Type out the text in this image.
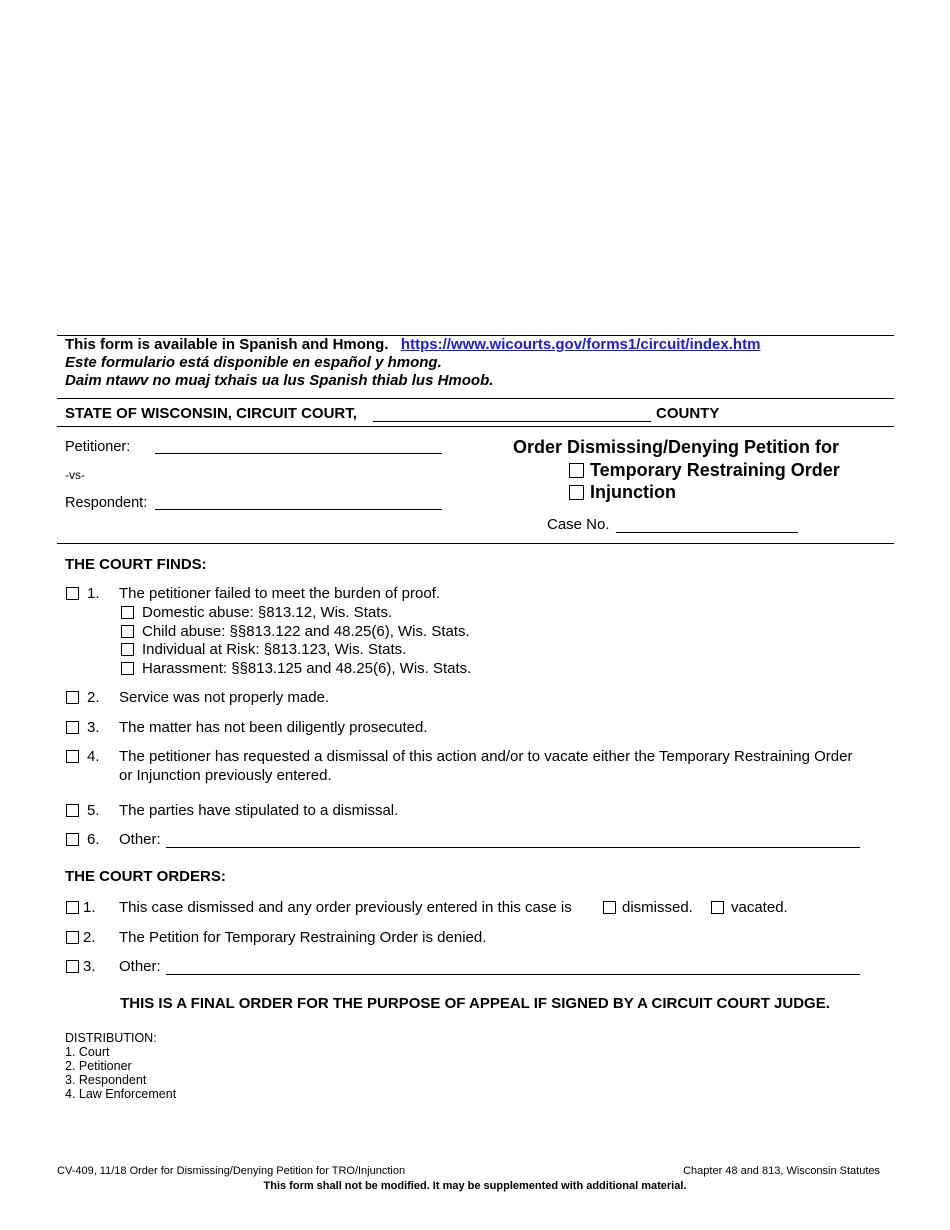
This form is available in Spanish and Hmong. https://www.wicourts.gov/forms1/circuit/index.htm
Este formulario está disponible en español y hmong.
Daim ntawv no muaj txhais ua lus Spanish thiab lus Hmoob.
STATE OF WISCONSIN, CIRCUIT COURT,	COUNTY
Petitioner:
-vs-
Respondent:
Order Dismissing/Denying Petition for
Temporary Restraining Order
Injunction
Case No.
THE COURT FINDS:
1. The petitioner failed to meet the burden of proof.
Domestic abuse: §813.12, Wis. Stats.
Child abuse: §§813.122 and 48.25(6), Wis. Stats.
Individual at Risk: §813.123, Wis. Stats.
Harassment: §§813.125 and 48.25(6), Wis. Stats.
2. Service was not properly made.
3. The matter has not been diligently prosecuted.
4. The petitioner has requested a dismissal of this action and/or to vacate either the Temporary Restraining Order
or Injunction previously entered.
5. The parties have stipulated to a dismissal.
6. Other:
THE COURT ORDERS:
1. This case dismissed and any order previously entered in this case is	dismissed.	vacated.
2. The Petition for Temporary Restraining Order is denied.
3. Other:
THIS IS A FINAL ORDER FOR THE PURPOSE OF APPEAL IF SIGNED BY A CIRCUIT COURT JUDGE.
DISTRIBUTION:
1. Court
2. Petitioner
3. Respondent
4. Law Enforcement
CV-409, 11/18 Order for Dismissing/Denying Petition for TRO/Injunction	Chapter 48 and 813, Wisconsin Statutes
This form shall not be modified. It may be supplemented with additional material.
